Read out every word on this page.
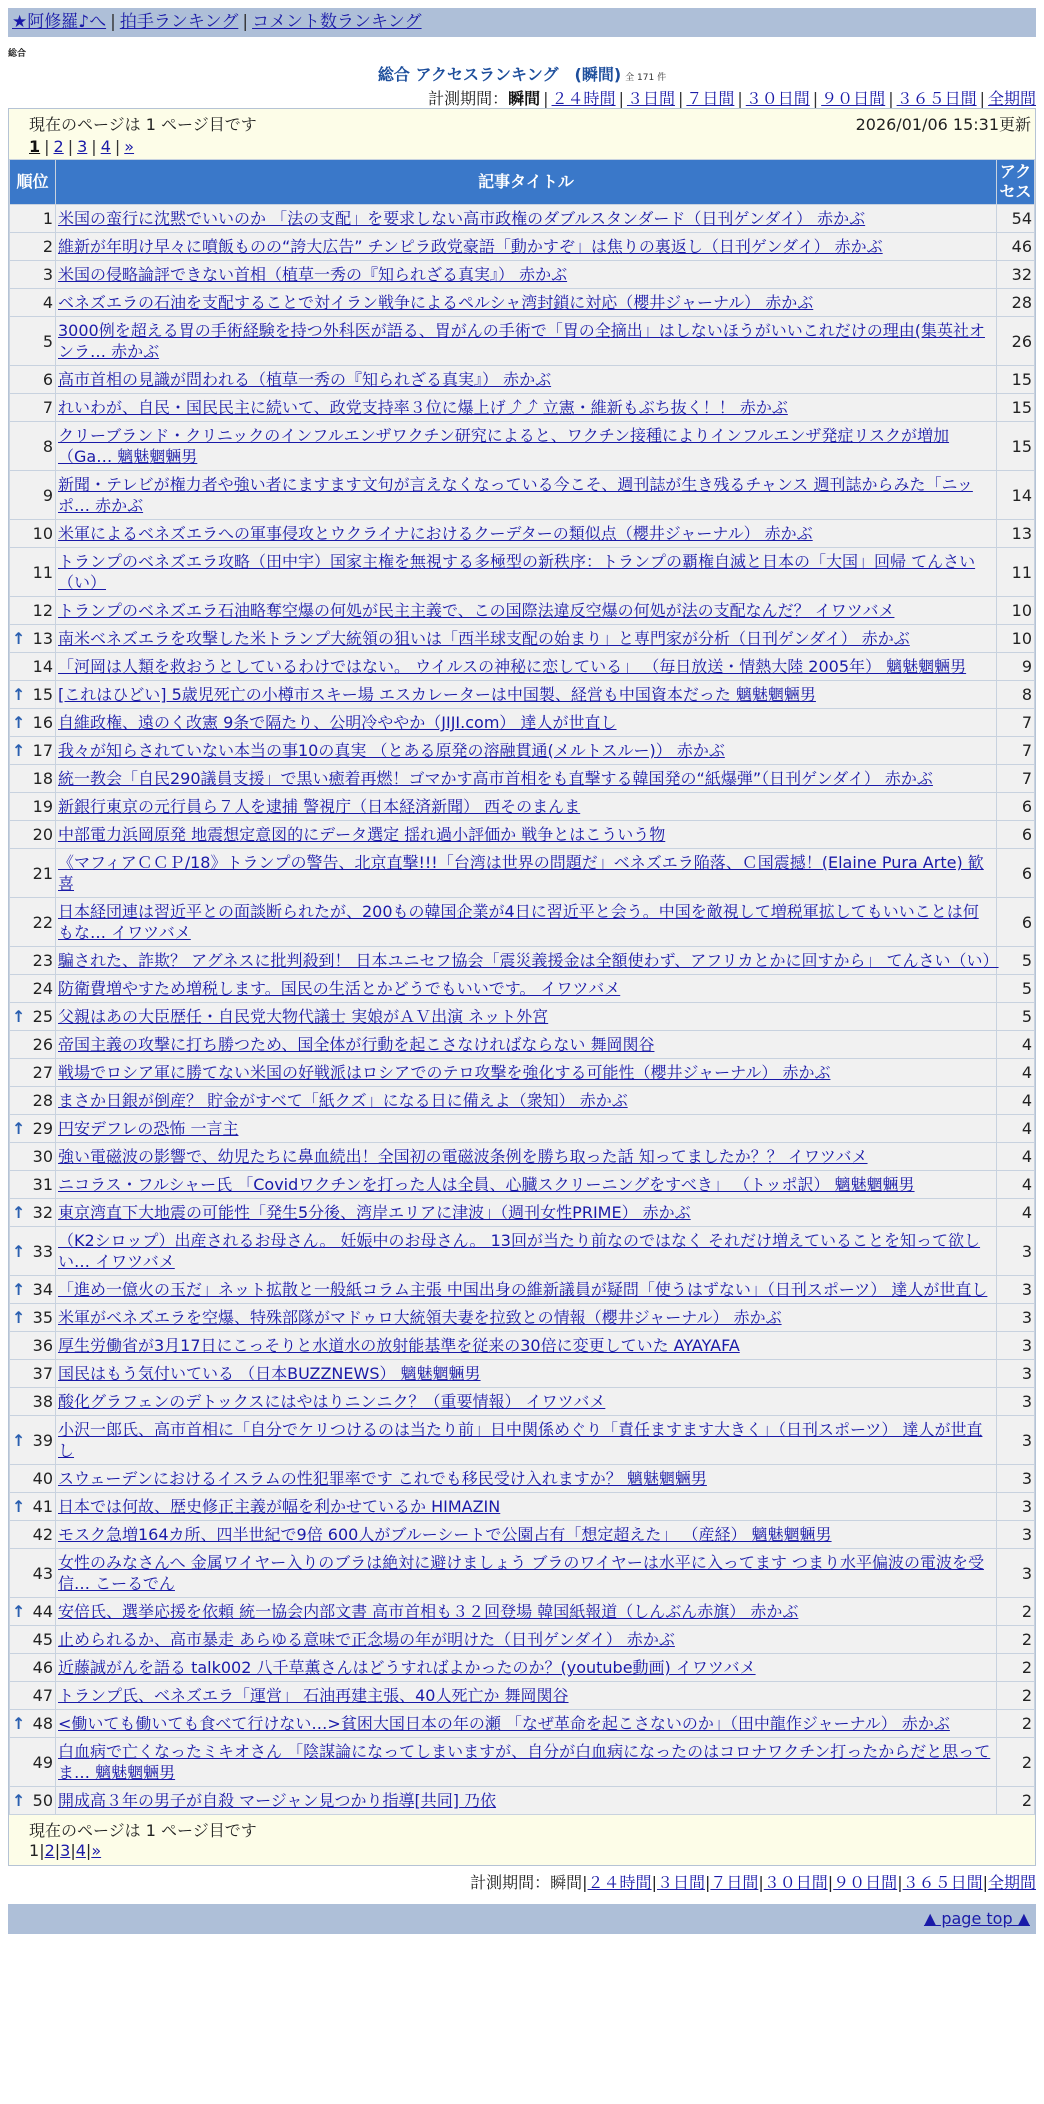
★阿修羅♪へ | 拍手ランキング | コメント数ランキング
総合
総合 アクセスランキング　(瞬間) 全 171 件
計測期間：瞬間 | ２４時間 | ３日間 | ７日間 | ３０日間 | ９０日間 | ３６５日間 | 全期間
現在のページは 1 ページ目です	2026/01/06 15:31更新
1 | 2 | 3 | 4 | »
順位	記事タイトル	アクセス
1	米国の蛮行に沈黙でいいのか 「法の支配」を要求しない高市政権のダブルスタンダード（日刊ゲンダイ） 赤かぶ	54
2	維新が年明け早々に噴飯ものの“誇大広告” チンピラ政党豪語「動かすぞ」は焦りの裏返し（日刊ゲンダイ） 赤かぶ	46
3	米国の侵略論評できない首相（植草一秀の『知られざる真実』） 赤かぶ	32
4	ベネズエラの石油を支配することで対イラン戦争によるペルシャ湾封鎖に対応（櫻井ジャーナル） 赤かぶ	28
5	3000例を超える胃の手術経験を持つ外科医が語る、胃がんの手術で「胃の全摘出」はしないほうがいいこれだけの理由(集英社オンラ… 赤かぶ	26
6	高市首相の見識が問われる（植草一秀の『知られざる真実』） 赤かぶ	15
7	れいわが、自民・国民民主に続いて、政党支持率３位に爆上げ⤴⤴ 立憲・維新もぶち抜く！！ 赤かぶ	15
8	クリーブランド・クリニックのインフルエンザワクチン研究によると、ワクチン接種によりインフルエンザ発症リスクが増加（Ga… 魑魅魍魎男	15
9	新聞・テレビが権力者や強い者にますます文句が言えなくなっている今こそ、週刊誌が生き残るチャンス 週刊誌からみた「ニッポ… 赤かぶ	14
10	米軍によるベネズエラへの軍事侵攻とウクライナにおけるクーデターの類似点（櫻井ジャーナル） 赤かぶ	13
11	トランプのベネズエラ攻略（田中宇）国家主権を無視する多極型の新秩序：トランプの覇権自滅と日本の「大国」回帰 てんさい（い）	11
12	トランプのベネズエラ石油略奪空爆の何処が民主主義で、この国際法違反空爆の何処が法の支配なんだ？ イワツバメ	10

↑ 13	南米ベネズエラを攻撃した米トランプ大統領の狙いは「西半球支配の始まり」と専門家が分析（日刊ゲンダイ） 赤かぶ	10
14	「河岡は人類を救おうとしているわけではない。 ウイルスの神秘に恋している」 （毎日放送・情熱大陸 2005年） 魑魅魍魎男	9

↑ 15	[これはひどい] 5歳児死亡の小樽市スキー場 エスカレーターは中国製、経営も中国資本だった 魑魅魍魎男	8

↑ 16	自維政権、遠のく改憲 9条で隔たり、公明冷ややか（JIJI.com） 達人が世直し	7

↑ 17	我々が知らされていない本当の事10の真実 （とある原発の溶融貫通(メルトスルー)） 赤かぶ	7
18	統一教会「自民290議員支援」で黒い癒着再燃！ゴマかす高市首相をも直撃する韓国発の“紙爆弾”（日刊ゲンダイ） 赤かぶ	7
19	新銀行東京の元行員ら７人を逮捕 警視庁（日本経済新聞） 西そのまんま	6
20	中部電力浜岡原発 地震想定意図的にデータ選定 揺れ過小評価か 戦争とはこういう物	6
21	《マフィアＣＣＰ/18》トランプの警告、北京直撃!!!「台湾は世界の問題だ」ベネズエラ陥落、Ｃ国震撼！(Elaine Pura Arte) 歓喜	6
22	日本経団連は習近平との面談断られたが、200もの韓国企業が4日に習近平と会う。中国を敵視して増税軍拡してもいいことは何もな… イワツバメ	6
23	騙された、詐欺？ アグネスに批判殺到！ 日本ユニセフ協会「震災義援金は全額使わず、アフリカとかに回すから」 てんさい（い）	5
24	防衛費増やすため増税します。国民の生活とかどうでもいいです。 イワツバメ	5

↑ 25	父親はあの大臣歴任・自民党大物代議士 実娘がＡＶ出演 ネット外宮	5
26	帝国主義の攻撃に打ち勝つため、国全体が行動を起こさなければならない 舞岡関谷	4
27	戦場でロシア軍に勝てない米国の好戦派はロシアでのテロ攻撃を強化する可能性（櫻井ジャーナル） 赤かぶ	4
28	まさか日銀が倒産？ 貯金がすべて「紙クズ」になる日に備えよ（衆知） 赤かぶ	4

↑ 29	円安デフレの恐怖 一言主	4
30	強い電磁波の影響で、幼児たちに鼻血続出！全国初の電磁波条例を勝ち取った話 知ってましたか？？ イワツバメ	4
31	ニコラス・フルシャー氏 「Covidワクチンを打った人は全員、心臓スクリーニングをすべき」 （トッポ訳） 魑魅魍魎男	4

↑ 32	東京湾直下大地震の可能性「発生5分後、湾岸エリアに津波」（週刊女性PRIME） 赤かぶ	4

↑ 33	（K2シロップ）出産されるお母さん。 妊娠中のお母さん。 13回が当たり前なのではなく それだけ増えていることを知って欲しい… イワツバメ	3

↑ 34	「進め一億火の玉だ」ネット拡散と一般紙コラム主張 中国出身の維新議員が疑問「使うはずない」（日刊スポーツ） 達人が世直し	3

↑ 35	米軍がベネズエラを空爆、特殊部隊がマドゥロ大統領夫妻を拉致との情報（櫻井ジャーナル） 赤かぶ	3
36	厚生労働省が3月17日にこっそりと水道水の放射能基準を従来の30倍に変更していた AYAYAFA	3
37	国民はもう気付いている （日本BUZZNEWS） 魑魅魍魎男	3
38	酸化グラフェンのデトックスにはやはりニンニク？（重要情報） イワツバメ	3

↑ 39	小沢一郎氏、高市首相に「自分でケリつけるのは当たり前」日中関係めぐり「責任ますます大きく」（日刊スポーツ） 達人が世直し	3
40	スウェーデンにおけるイスラムの性犯罪率です これでも移民受け入れますか？ 魑魅魍魎男	3

↑ 41	日本では何故、歴史修正主義が幅を利かせているか HIMAZIN	3
42	モスク急増164カ所、四半世紀で9倍 600人がブルーシートで公園占有「想定超えた」 （産経） 魑魅魍魎男	3
43	女性のみなさんへ 金属ワイヤー入りのブラは絶対に避けましょう ブラのワイヤーは水平に入ってます つまり水平偏波の電波を受信… こーるでん	3

↑ 44	安倍氏、選挙応援を依頼 統一協会内部文書 高市首相も３２回登場 韓国紙報道（しんぶん赤旗） 赤かぶ	2
45	止められるか、高市暴走 あらゆる意味で正念場の年が明けた（日刊ゲンダイ） 赤かぶ	2
46	近藤誠がんを語る talk002 八千草薫さんはどうすればよかったのか？(youtube動画) イワツバメ	2
47	トランプ氏、ベネズエラ「運営」 石油再建主張、40人死亡か 舞岡関谷	2

↑ 48	<働いても働いても食べて行けない…>貧困大国日本の年の瀬 「なぜ革命を起こさないのか」（田中龍作ジャーナル） 赤かぶ	2
49	白血病で亡くなったミキオさん 「陰謀論になってしまいますが、自分が白血病になったのはコロナワクチン打ったからだと思ってま… 魑魅魍魎男	2

↑ 50	開成高３年の男子が自殺 マージャン見つかり指導[共同] 乃依	2
現在のページは 1 ページ目です
1|2|3|4|»
計測期間：瞬間|２４時間|３日間|７日間|３０日間|９０日間|３６５日間|全期間
▲ page top ▲
